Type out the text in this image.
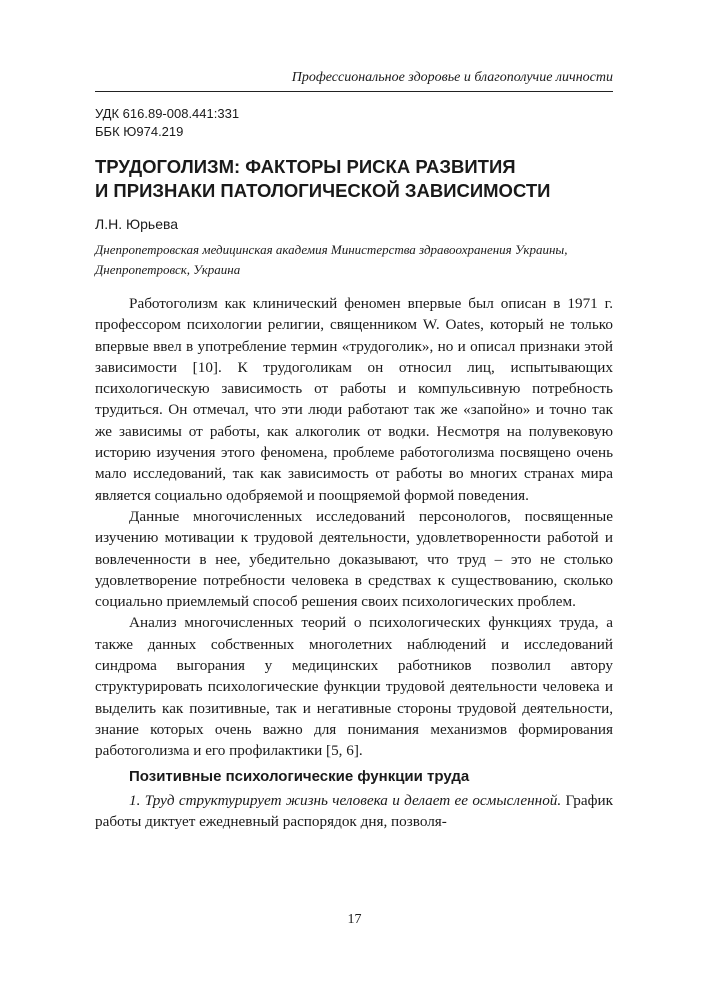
Профессиональное здоровье и благополучие личности
УДК 616.89-008.441:331
ББК Ю974.219
ТРУДОГОЛИЗМ: ФАКТОРЫ РИСКА РАЗВИТИЯ
И ПРИЗНАКИ ПАТОЛОГИЧЕСКОЙ ЗАВИСИМОСТИ
Л.Н. Юрьева
Днепропетровская медицинская академия Министерства здравоохранения Украины, Днепропетровск, Украина

Работоголизм как клинический феномен впервые был описан в 1971 г. профессором психологии религии, священником W. Oates, который не только впервые ввел в употребление термин «трудоголик», но и описал признаки этой зависимости [10]. К трудоголикам он относил лиц, испытывающих психологическую зависимость от работы и компульсивную потребность трудиться. Он отмечал, что эти люди работают так же «запойно» и точно так же зависимы от работы, как алкоголик от водки. Несмотря на полувековую историю изучения этого феномена, проблеме работоголизма посвящено очень мало исследований, так как зависимость от работы во многих странах мира является социально одобряемой и поощряемой формой поведения.

Данные многочисленных исследований персонологов, посвященные изучению мотивации к трудовой деятельности, удовлетворенности работой и вовлеченности в нее, убедительно доказывают, что труд – это не столько удовлетворение потребности человека в средствах к существованию, сколько социально приемлемый способ решения своих психологических проблем.

Анализ многочисленных теорий о психологических функциях труда, а также данных собственных многолетних наблюдений и исследований синдрома выгорания у медицинских работников позволил автору структурировать психологические функции трудовой деятельности человека и выделить как позитивные, так и негативные стороны трудовой деятельности, знание которых очень важно для понимания механизмов формирования работоголизма и его профилактики [5, 6].

Позитивные психологические функции труда

1. Труд структурирует жизнь человека и делает ее осмысленной. График работы диктует ежедневный распорядок дня, позволя-

17
